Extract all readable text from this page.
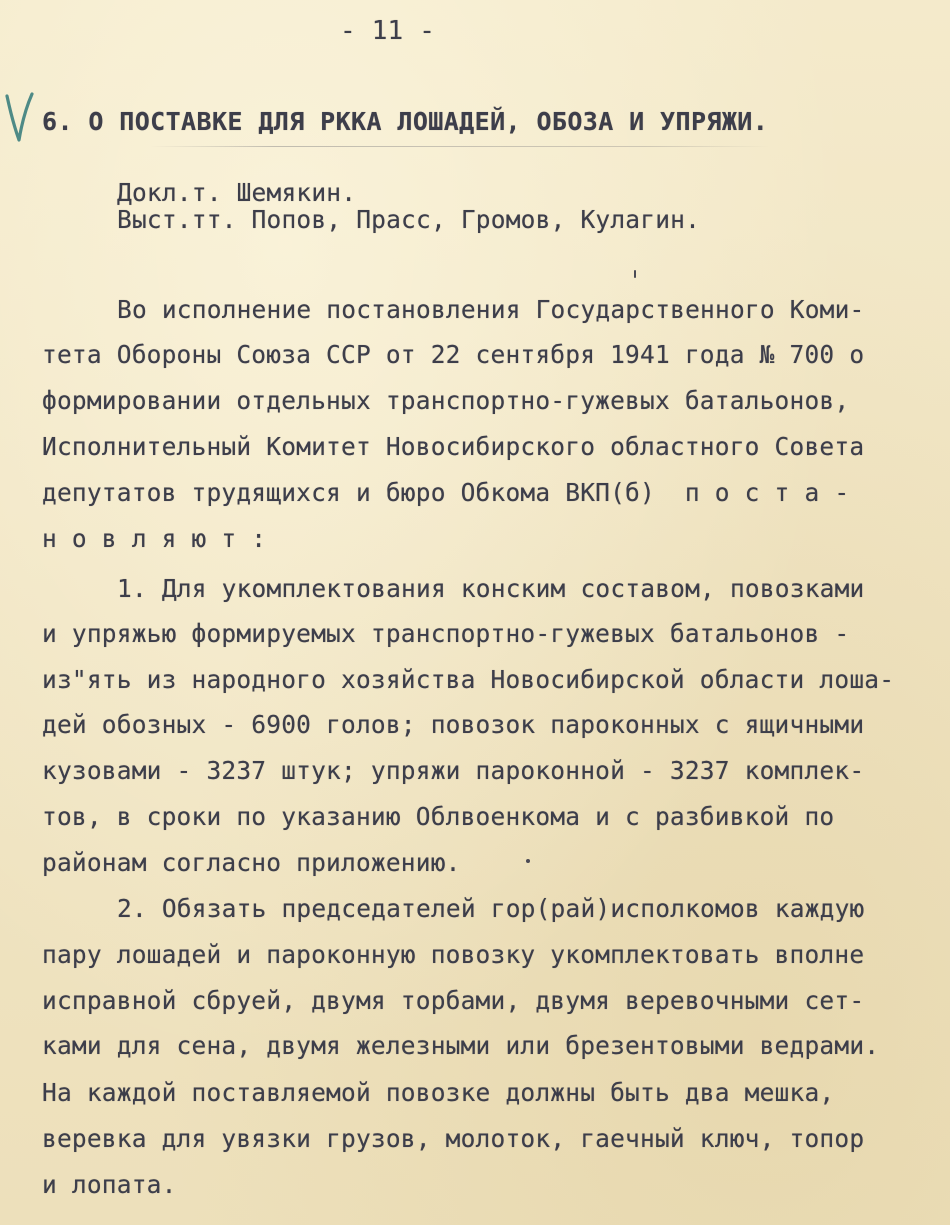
- 11 -
6. О ПОСТАВКЕ ДЛЯ РККА ЛОШАДЕЙ, ОБОЗА И УПРЯЖИ.
Докл.т. Шемякин.
Выст.тт. Попов, Прасс, Громов, Кулагин.
Во исполнение постановления Государственного Коми-
тета Обороны Союза ССР от 22 сентября 1941 года № 700 о
формировании отдельных транспортно-гужевых батальонов,
Исполнительный Комитет Новосибирского областного Совета
депутатов трудящихся и бюро Обкома ВКП(б)  п о с т а -
н о в л я ю т :
1. Для укомплектования конским составом, повозками
и упряжью формируемых транспортно-гужевых батальонов -
из"ять из народного хозяйства Новосибирской области лоша-
дей обозных - 6900 голов; повозок пароконных с ящичными
кузовами - 3237 штук; упряжи пароконной - 3237 комплек-
тов, в сроки по указанию Облвоенкома и с разбивкой по
районам согласно приложению.
2. Обязать председателей гор(рай)исполкомов каждую
пару лошадей и пароконную повозку укомплектовать вполне
исправной сбруей, двумя торбами, двумя веревочными сет-
ками для сена, двумя железными или брезентовыми ведрами.
На каждой поставляемой повозке должны быть два мешка,
веревка для увязки грузов, молоток, гаечный ключ, топор
и лопата.
